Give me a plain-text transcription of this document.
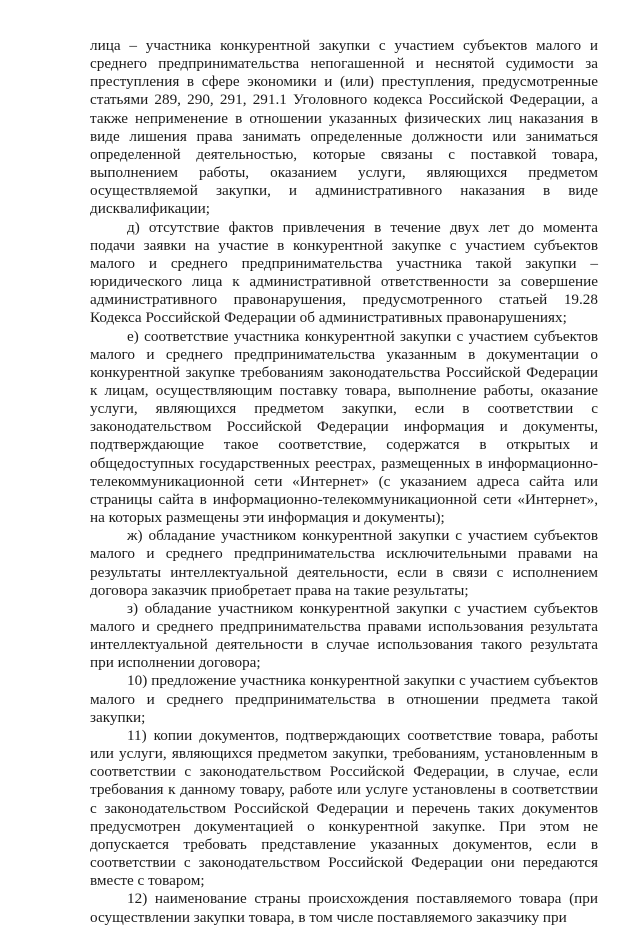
лица – участника конкурентной закупки с участием субъектов малого и среднего предпринимательства непогашенной и неснятой судимости за преступления в сфере экономики и (или) преступления, предусмотренные статьями 289, 290, 291, 291.1 Уголовного кодекса Российской Федерации, а также неприменение в отношении указанных физических лиц наказания в виде лишения права занимать определенные должности или заниматься определенной деятельностью, которые связаны с поставкой товара, выполнением работы, оказанием услуги, являющихся предметом осуществляемой закупки, и административного наказания в виде дисквалификации;

д) отсутствие фактов привлечения в течение двух лет до момента подачи заявки на участие в конкурентной закупке с участием субъектов малого и среднего предпринимательства участника такой закупки – юридического лица к административной ответственности за совершение административного правонарушения, предусмотренного статьей 19.28 Кодекса Российской Федерации об административных правонарушениях;

е) соответствие участника конкурентной закупки с участием субъектов малого и среднего предпринимательства указанным в документации о конкурентной закупке требованиям законодательства Российской Федерации к лицам, осуществляющим поставку товара, выполнение работы, оказание услуги, являющихся предметом закупки, если в соответствии с законодательством Российской Федерации информация и документы, подтверждающие такое соответствие, содержатся в открытых и общедоступных государственных реестрах, размещенных в информационно-телекоммуникационной сети «Интернет» (с указанием адреса сайта или страницы сайта в информационно-телекоммуникационной сети «Интернет», на которых размещены эти информация и документы);

ж) обладание участником конкурентной закупки с участием субъектов малого и среднего предпринимательства исключительными правами на результаты интеллектуальной деятельности, если в связи с исполнением договора заказчик приобретает права на такие результаты;

з) обладание участником конкурентной закупки с участием субъектов малого и среднего предпринимательства правами использования результата интеллектуальной деятельности в случае использования такого результата при исполнении договора;

10) предложение участника конкурентной закупки с участием субъектов малого и среднего предпринимательства в отношении предмета такой закупки;

11) копии документов, подтверждающих соответствие товара, работы или услуги, являющихся предметом закупки, требованиям, установленным в соответствии с законодательством Российской Федерации, в случае, если требования к данному товару, работе или услуге установлены в соответствии с законодательством Российской Федерации и перечень таких документов предусмотрен документацией о конкурентной закупке. При этом не допускается требовать представление указанных документов, если в соответствии с законодательством Российской Федерации они передаются вместе с товаром;

12) наименование страны происхождения поставляемого товара (при осуществлении закупки товара, в том числе поставляемого заказчику при
